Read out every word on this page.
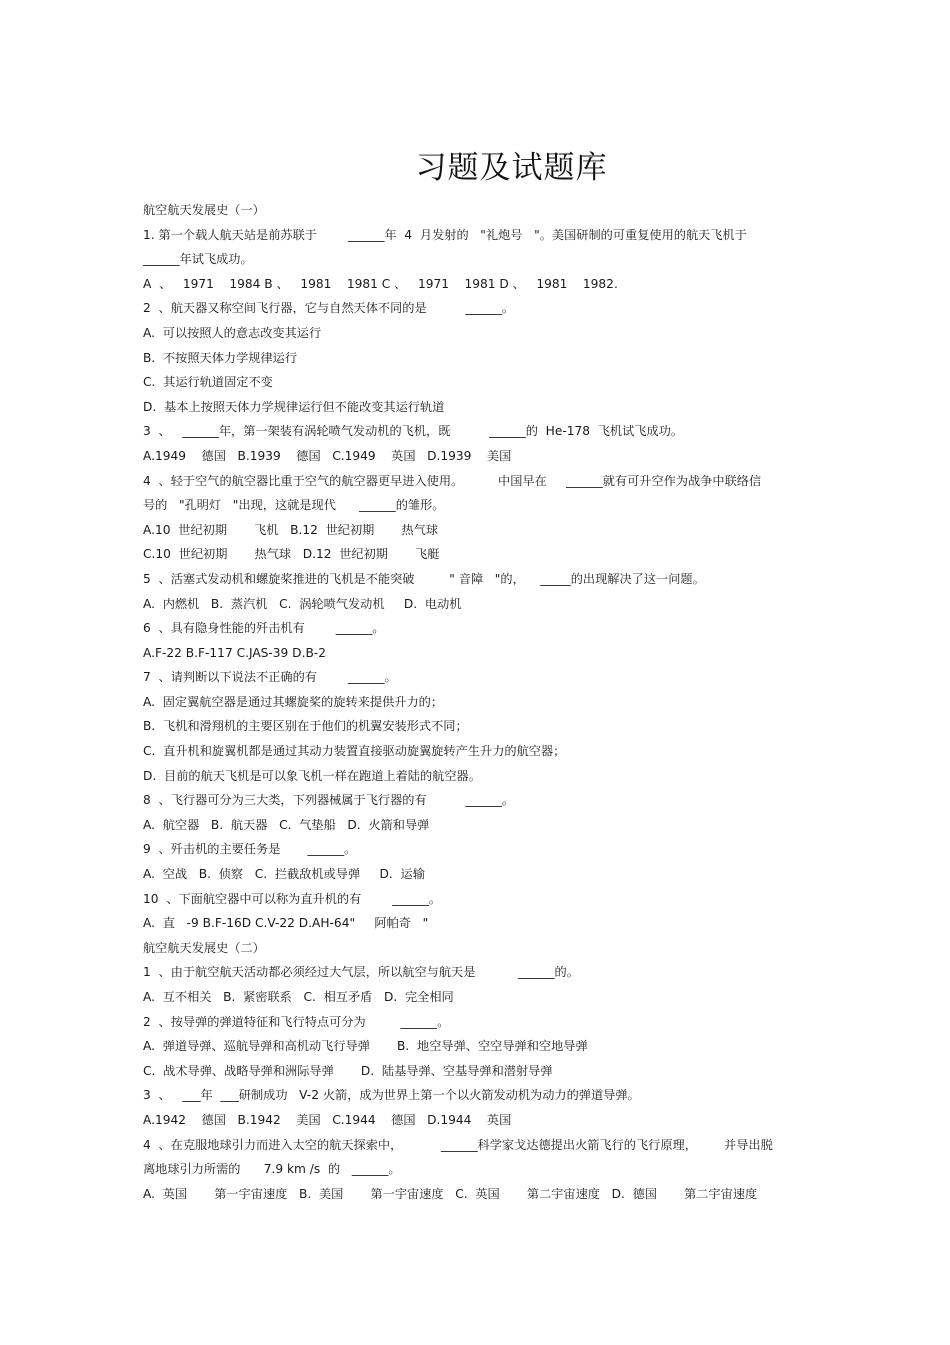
习题及试题库
航空航天发展史（一）
1. 第一个载人航天站是前苏联于        ______年  4  月发射的   "礼炮号   "。美国研制的可重复使用的航天飞机于
______年试飞成功。
A  、   1971    1984 B 、   1981    1981 C 、   1971    1981 D 、   1981    1982.
2  、航天器又称空间飞行器，它与自然天体不同的是          ______。
A.  可以按照人的意志改变其运行
B.  不按照天体力学规律运行
C.  其运行轨道固定不变
D.  基本上按照天体力学规律运行但不能改变其运行轨道
3  、   ______年，第一架装有涡轮喷气发动机的飞机，既          ______的  He-178  飞机试飞成功。
A.1949    德国   B.1939    德国   C.1949    英国   D.1939    美国
4  、轻于空气的航空器比重于空气的航空器更早进入使用。         中国早在     ______就有可升空作为战争中联络信
号的   "孔明灯   "出现，这就是现代      ______的雏形。
A.10  世纪初期       飞机   B.12  世纪初期       热气球
C.10  世纪初期       热气球   D.12  世纪初期       飞艇
5  、活塞式发动机和螺旋桨推进的飞机是不能突破         " 音障   "的，    _____的出现解决了这一问题。
A.  内燃机   B.  蒸汽机   C.  涡轮喷气发动机     D.  电动机
6  、具有隐身性能的歼击机有        ______。
A.F-22 B.F-117 C.JAS-39 D.B-2
7  、请判断以下说法不正确的有        ______。
A.  固定翼航空器是通过其螺旋桨的旋转来提供升力的；
B.  飞机和滑翔机的主要区别在于他们的机翼安装形式不同；
C.  直升机和旋翼机都是通过其动力装置直接驱动旋翼旋转产生升力的航空器；
D.  目前的航天飞机是可以象飞机一样在跑道上着陆的航空器。
8  、飞行器可分为三大类，下列器械属于飞行器的有          ______。
A.  航空器   B.  航天器   C.  气垫船   D.  火箭和导弹
9  、歼击机的主要任务是       ______。
A.  空战   B.  侦察   C.  拦截敌机或导弹     D.  运输
10  、下面航空器中可以称为直升机的有        ______。
A.  直   -9 B.F-16D C.V-22 D.AH-64"     阿帕奇   "
航空航天发展史（二）
1  、由于航空航天活动都必须经过大气层，所以航空与航天是           ______的。
A.  互不相关   B.  紧密联系   C.  相互矛盾   D.  完全相同
2  、按导弹的弹道特征和飞行特点可分为         ______。
A.  弹道导弹、巡航导弹和高机动飞行导弹       B.  地空导弹、空空导弹和空地导弹
C.  战术导弹、战略导弹和洲际导弹       D.  陆基导弹、空基导弹和潜射导弹
3  、   ___年  ___研制成功   V-2 火箭，成为世界上第一个以火箭发动机为动力的弹道导弹。
A.1942    德国   B.1942    美国   C.1944    德国   D.1944    英国
4  、在克服地球引力而进入太空的航天探索中，          ______科学家戈达德提出火箭飞行的飞行原理，       并导出脱
离地球引力所需的      7.9 km /s  的   ______。
A.  英国       第一宇宙速度   B.  美国       第一宇宙速度   C.  英国       第二宇宙速度   D.  德国       第二宇宙速度
